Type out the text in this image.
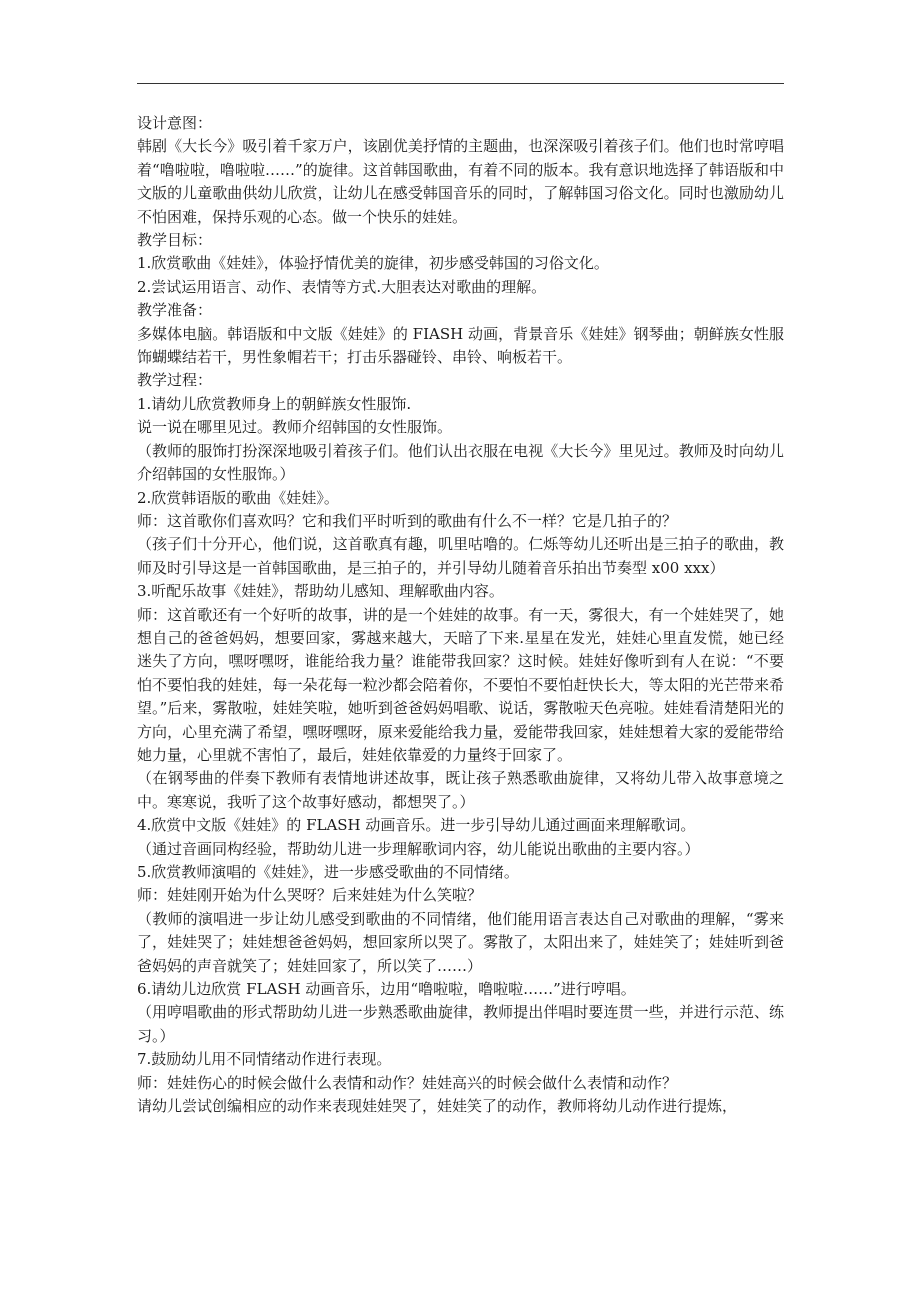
设计意图：

韩剧《大长今》吸引着千家万户，该剧优美抒情的主题曲，也深深吸引着孩子们。他们也时常哼唱着“噜啦啦，噜啦啦……”的旋律。这首韩国歌曲，有着不同的版本。我有意识地选择了韩语版和中文版的儿童歌曲供幼儿欣赏，让幼儿在感受韩国音乐的同时，了解韩国习俗文化。同时也激励幼儿不怕困难，保持乐观的心态。做一个快乐的娃娃。

教学目标：

1.欣赏歌曲《娃娃》，体验抒情优美的旋律，初步感受韩国的习俗文化。

2.尝试运用语言、动作、表情等方式.大胆表达对歌曲的理解。

教学准备：

多媒体电脑。韩语版和中文版《娃娃》的 FIASH 动画，背景音乐《娃娃》钢琴曲；朝鲜族女性服饰蝴蝶结若干，男性象帽若干；打击乐器碰铃、串铃、响板若干。

教学过程：

1.请幼儿欣赏教师身上的朝鲜族女性服饰.

说一说在哪里见过。教师介绍韩国的女性服饰。

（教师的服饰打扮深深地吸引着孩子们。他们认出衣服在电视《大长今》里见过。教师及时向幼儿介绍韩国的女性服饰。）

2.欣赏韩语版的歌曲《娃娃》。

师：这首歌你们喜欢吗？它和我们平时听到的歌曲有什么不一样？它是几拍子的？

（孩子们十分开心，他们说，这首歌真有趣，叽里咕噜的。仁烁等幼儿还听出是三拍子的歌曲，教师及时引导这是一首韩国歌曲，是三拍子的，并引导幼儿随着音乐拍出节奏型 x00 xxx）

3.听配乐故事《娃娃》，帮助幼儿感知、理解歌曲内容。

师：这首歌还有一个好听的故事，讲的是一个娃娃的故事。有一天，雾很大，有一个娃娃哭了，她想自己的爸爸妈妈，想要回家，雾越来越大，天暗了下来.星星在发光，娃娃心里直发慌，她已经迷失了方向，嘿呀嘿呀，谁能给我力量？谁能带我回家？这时候。娃娃好像听到有人在说：“不要怕不要怕我的娃娃，每一朵花每一粒沙都会陪着你，不要怕不要怕赶快长大，等太阳的光芒带来希望。”后来，雾散啦，娃娃笑啦，她听到爸爸妈妈唱歌、说话，雾散啦天色亮啦。娃娃看清楚阳光的方向，心里充满了希望，嘿呀嘿呀，原来爱能给我力量，爱能带我回家，娃娃想着大家的爱能带给她力量，心里就不害怕了，最后，娃娃依靠爱的力量终于回家了。

（在钢琴曲的伴奏下教师有表情地讲述故事，既让孩子熟悉歌曲旋律，又将幼儿带入故事意境之中。寒寒说，我听了这个故事好感动，都想哭了。）

4.欣赏中文版《娃娃》的 FLASH 动画音乐。进一步引导幼儿通过画面来理解歌词。

（通过音画同构经验，帮助幼儿进一步理解歌词内容，幼儿能说出歌曲的主要内容。）

5.欣赏教师演唱的《娃娃》，进一步感受歌曲的不同情绪。

师：娃娃刚开始为什么哭呀？后来娃娃为什么笑啦？

（教师的演唱进一步让幼儿感受到歌曲的不同情绪，他们能用语言表达自己对歌曲的理解，“雾来了，娃娃哭了；娃娃想爸爸妈妈，想回家所以哭了。雾散了，太阳出来了，娃娃笑了；娃娃听到爸爸妈妈的声音就笑了；娃娃回家了，所以笑了……）

6.请幼儿边欣赏 FLASH 动画音乐，边用“噜啦啦，噜啦啦……”进行哼唱。

（用哼唱歌曲的形式帮助幼儿进一步熟悉歌曲旋律，教师提出伴唱时要连贯一些，并进行示范、练习。）

7.鼓励幼儿用不同情绪动作进行表现。

师：娃娃伤心的时候会做什么表情和动作？娃娃高兴的时候会做什么表情和动作？

请幼儿尝试创编相应的动作来表现娃娃哭了，娃娃笑了的动作，教师将幼儿动作进行提炼，
